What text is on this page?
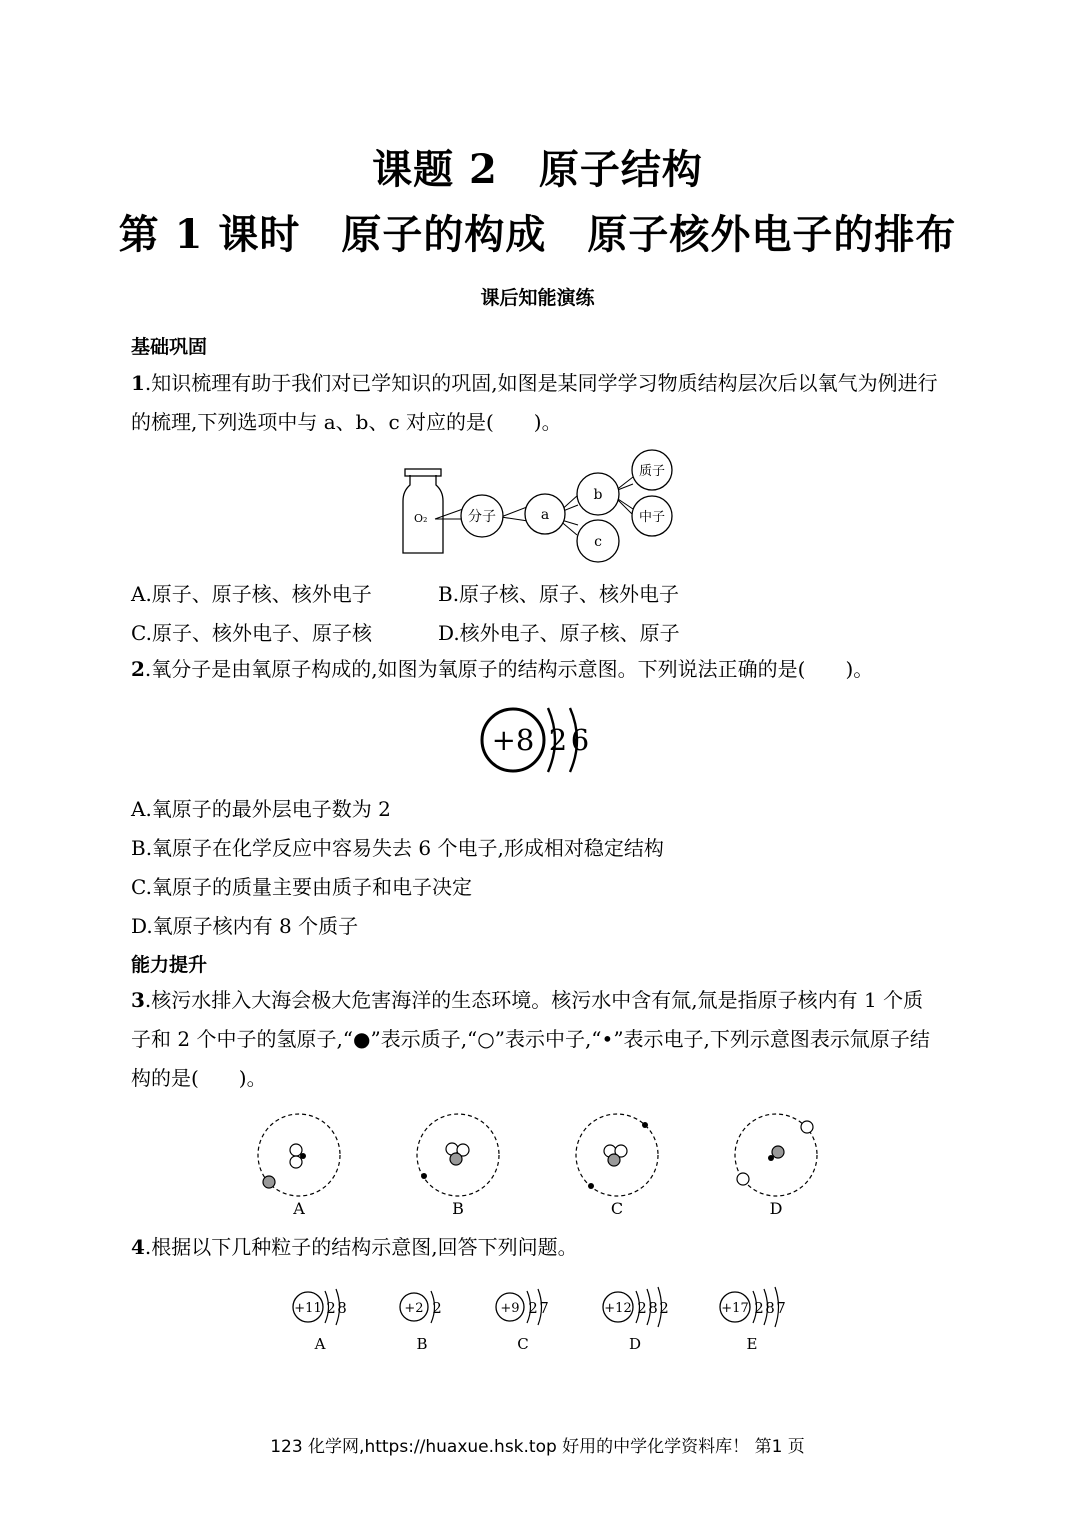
课题 2　原子结构
第 1 课时　原子的构成　原子核外电子的排布
课后知能演练
基础巩固
1.知识梳理有助于我们对已学知识的巩固,如图是某同学学习物质结构层次后以氧气为例进行的梳理,下列选项中与 a、b、c 对应的是(　　)。
O₂	分子	a
b
c
质子
中子
A.原子、原子核、核外电子	B.原子核、原子、核外电子
C.原子、核外电子、原子核	D.核外电子、原子核、原子
2.氧分子是由氧原子构成的,如图为氧原子的结构示意图。下列说法正确的是(　　)。
+8 2 6
A.氧原子的最外层电子数为 2
B.氧原子在化学反应中容易失去 6 个电子,形成相对稳定结构
C.氧原子的质量主要由质子和电子决定
D.氧原子核内有 8 个质子
能力提升
3.核污水排入大海会极大危害海洋的生态环境。核污水中含有氚,氚是指原子核内有 1 个质子和 2 个中子的氢原子,“●”表示质子,“○”表示中子,“•”表示电子,下列示意图表示氚原子结构的是(　　)。
A	B	C	D
4.根据以下几种粒子的结构示意图,回答下列问题。
+11 2 8
A
+2 2
B
+9 2 7
C
+12 2 8 2
D
+17 2 8 7
E
123 化学网,https://huaxue.hsk.top 好用的中学化学资料库！ 第1 页
